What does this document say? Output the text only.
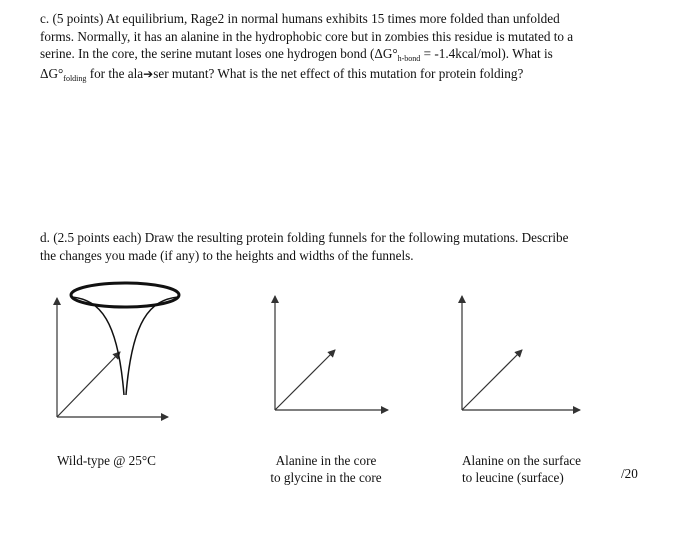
c. (5 points) At equilibrium, Rage2 in normal humans exhibits 15 times more folded than unfolded
forms. Normally, it has an alanine in the hydrophobic core but in zombies this residue is mutated to a
serine. In the core, the serine mutant loses one hydrogen bond ($\Delta G^\circ_{h-bond}$ = -1.4kcal/mol). What is
$\Delta G^\circ_{folding}$ for the ala➔ser mutant? What is the net effect of this mutation for protein folding?
d. (2.5 points each) Draw the resulting protein folding funnels for the following mutations. Describe
the changes you made (if any) to the heights and widths of the funnels.
Wild-type @ 25°C	Alanine in the core
to glycine in the core
Alanine on the surface
to leucine (surface)	/20
